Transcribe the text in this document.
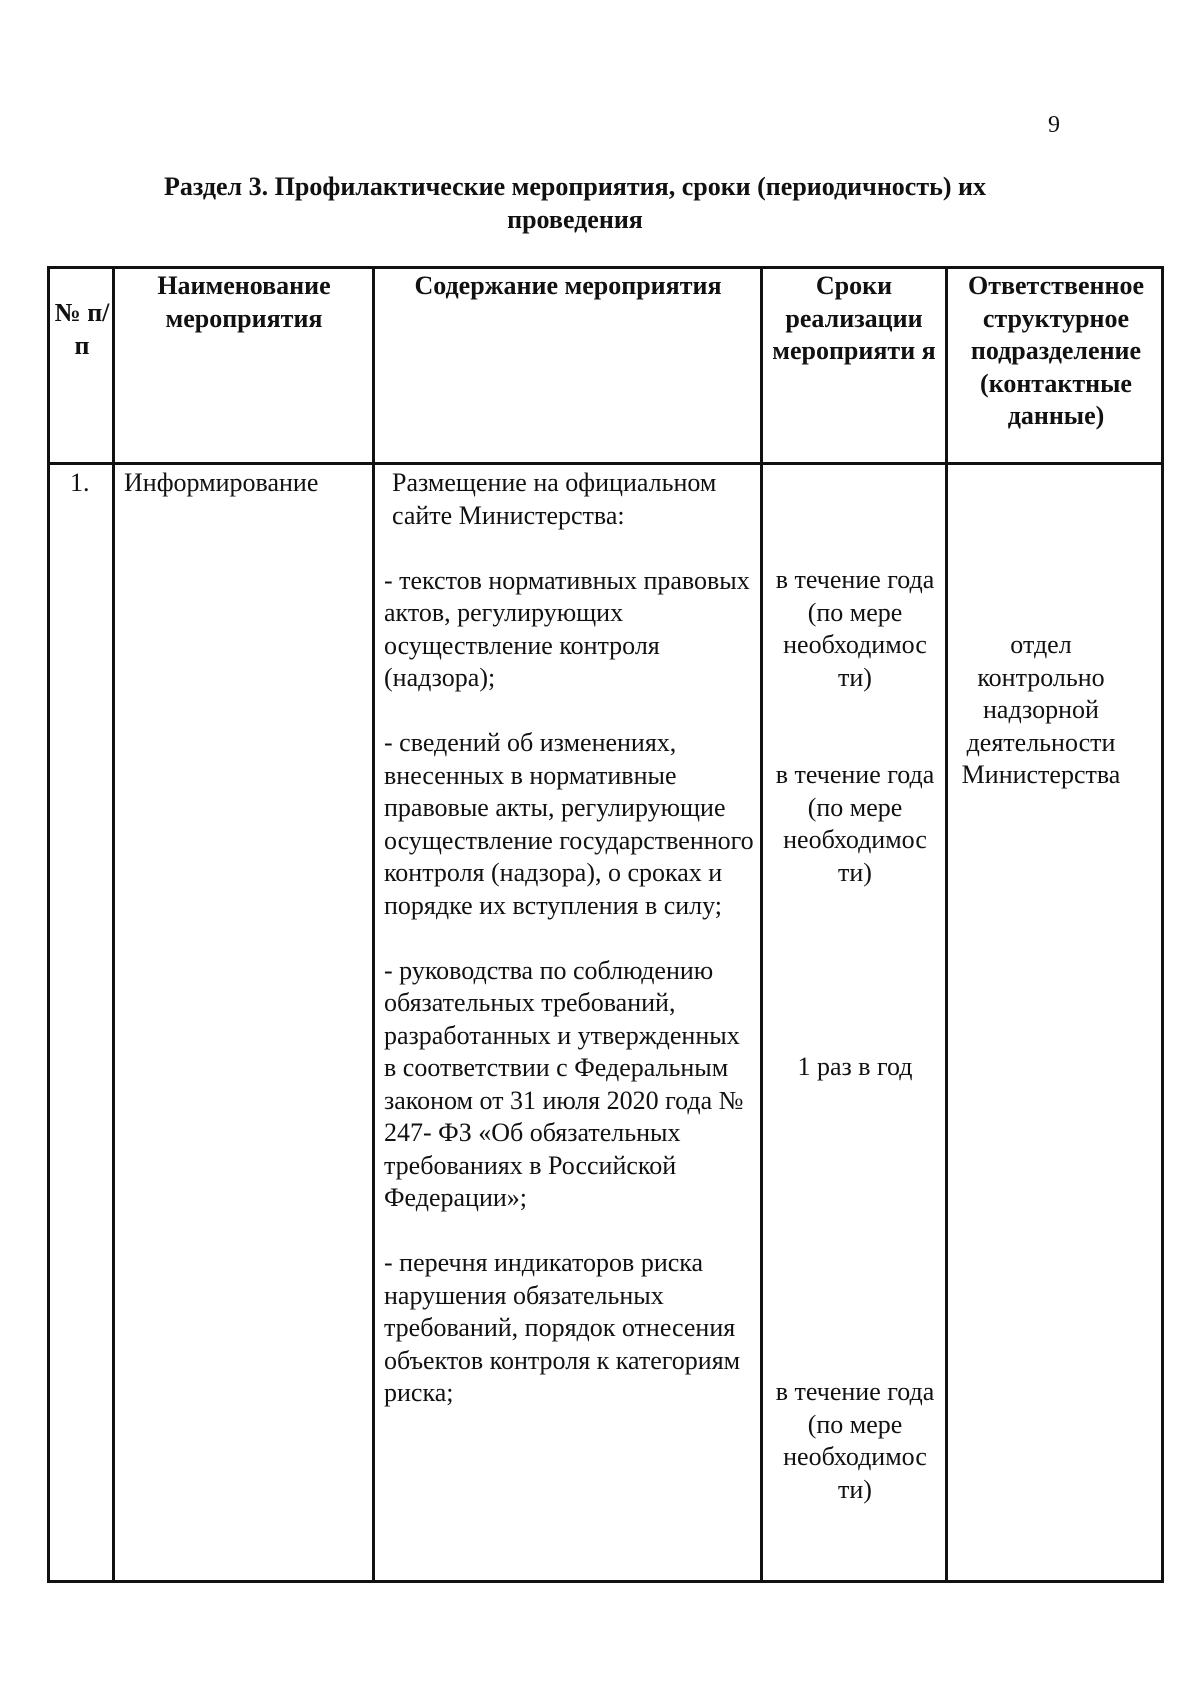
9
Раздел 3. Профилактические мероприятия, сроки (периодичность) их
проведения
№ п/п
Наименование мероприятия
Содержание мероприятия	Сроки реализации мероприяти я
Ответственное структурное подразделение (контактные данные)
1. Информирование	Размещение на официальном сайте Министерства:

- текстов нормативных правовых актов, регулирующих осуществление контроля (надзора);

- сведений об изменениях, внесенных в нормативные правовые акты, регулирующие осуществление государственного контроля (надзора), о сроках и порядке их вступления в силу;

- руководства по соблюдению обязательных требований, разработанных и утвержденных в соответствии с Федеральным законом от 31 июля 2020 года № 247- ФЗ «Об обязательных требованиях в Российской Федерации»;

- перечня индикаторов риска нарушения обязательных требований, порядок отнесения объектов контроля к категориям риска;

в течение года (по мере необходимос ти)
в течение года (по мере необходимос ти)
1 раз в год
в течение года (по мере необходимос ти)
отдел контрольно надзорной деятельности Министерства
